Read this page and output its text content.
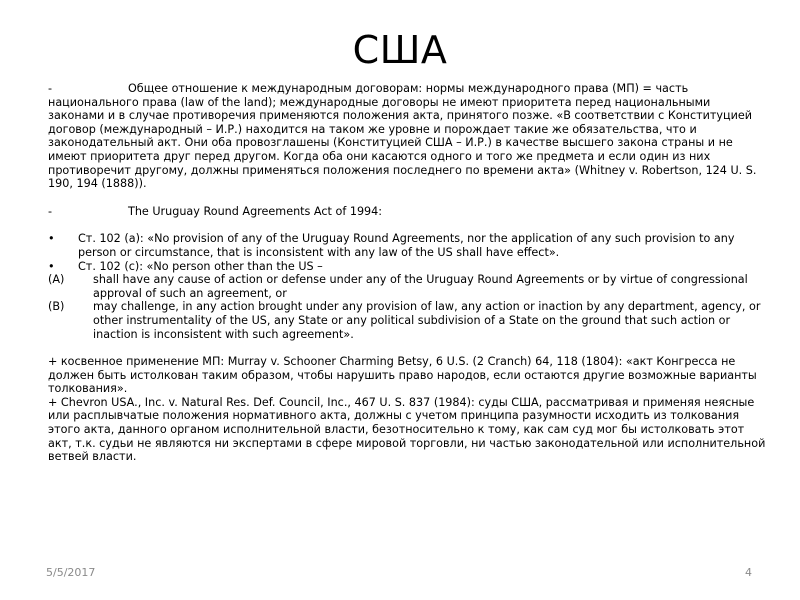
США

-	Общее отношение к международным договорам: нормы международного права (МП) = часть национального права (law of the land); международные договоры не имеют приоритета перед национальными законами и в случае противоречия применяются положения акта, принятого позже. «В соответствии с Конституцией договор (международный – И.Р.) находится на таком же уровне и порождает такие же обязательства, что и законодательный акт. Они оба провозглашены (Конституцией США – И.Р.) в качестве высшего закона страны и не имеют приоритета друг перед другом. Когда оба они касаются одного и того же предмета и если один из них противоречит другому, должны применяться положения последнего по времени акта» (Whitney v. Robertson, 124 U. S. 190, 194 (1888)).

-	The Uruguay Round Agreements Act of 1994:

•	Ст. 102 (a): «No provision of any of the Uruguay Round Agreements, nor the application of any such provision to any person or circumstance, that is inconsistent with any law of the US shall have effect».
•	Ст. 102 (c): «No person other than the US –
(A)	shall have any cause of action or defense under any of the Uruguay Round Agreements or by virtue of congressional approval of such an agreement, or
(B)	may challenge, in any action brought under any provision of law, any action or inaction by any department, agency, or other instrumentality of the US, any State or any political subdivision of a State on the ground that such action or inaction is inconsistent with such agreement».

+ косвенное применение МП: Murray v. Schooner Charming Betsy, 6 U.S. (2 Cranch) 64, 118 (1804): «акт Конгресса не должен быть истолкован таким образом, чтобы нарушить право народов, если остаются другие возможные варианты толкования».

+ Chevron USA., Inc. v. Natural Res. Def. Council, Inc., 467 U. S. 837 (1984): суды США, рассматривая и применяя неясные или расплывчатые положения нормативного акта, должны с учетом принципа разумности исходить из толкования этого акта, данного органом исполнительной власти, безотносительно к тому, как сам суд мог бы истолковать этот акт, т.к. судьи не являются ни экспертами в сфере мировой торговли, ни частью законодательной или исполнительной ветвей власти.

5/5/2017	4
